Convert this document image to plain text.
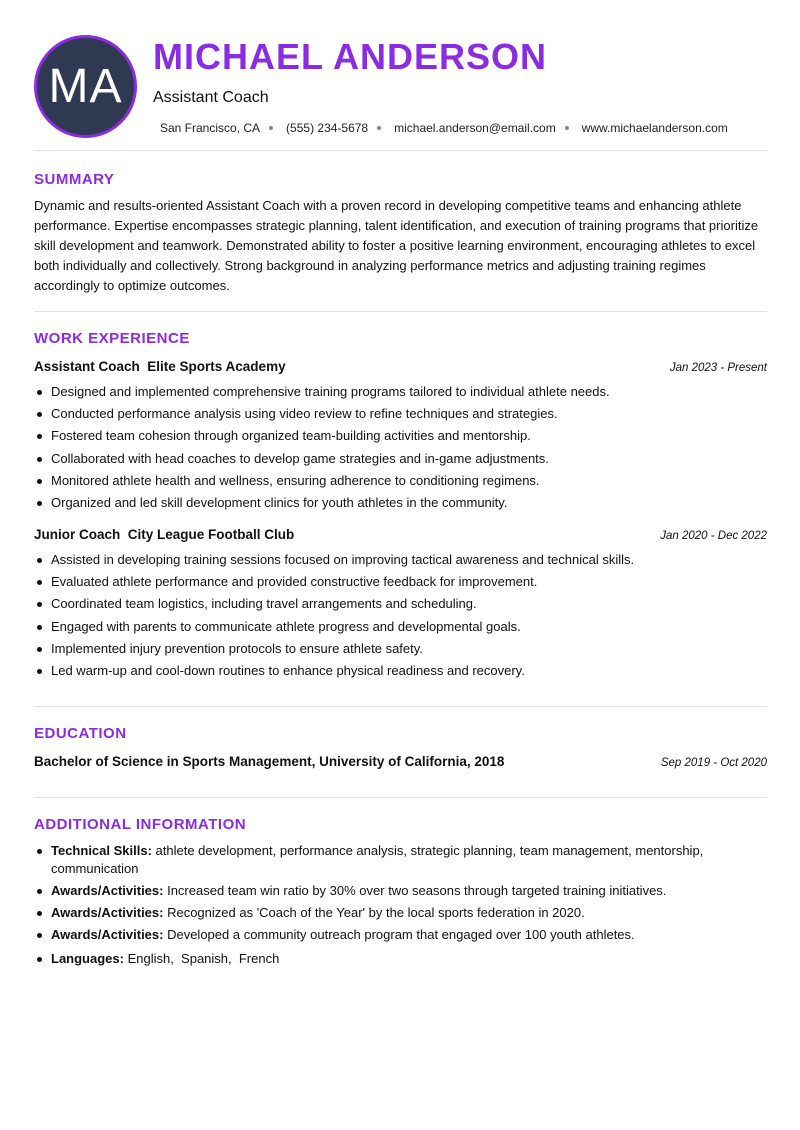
MA
MICHAEL ANDERSON
Assistant Coach
San Francisco, CA (555) 234-5678 michael.anderson@email.com www.michaelanderson.com
SUMMARY
Dynamic and results-oriented Assistant Coach with a proven record in developing competitive teams and enhancing athlete performance. Expertise encompasses strategic planning, talent identification, and execution of training programs that prioritize skill development and teamwork. Demonstrated ability to foster a positive learning environment, encouraging athletes to excel both individually and collectively. Strong background in analyzing performance metrics and adjusting training regimes accordingly to optimize outcomes.
WORK EXPERIENCE
Assistant Coach  Elite Sports Academy	Jan 2023 - Present
Designed and implemented comprehensive training programs tailored to individual athlete needs.
Conducted performance analysis using video review to refine techniques and strategies.
Fostered team cohesion through organized team-building activities and mentorship.
Collaborated with head coaches to develop game strategies and in-game adjustments.
Monitored athlete health and wellness, ensuring adherence to conditioning regimens.
Organized and led skill development clinics for youth athletes in the community.
Junior Coach  City League Football Club	Jan 2020 - Dec 2022
Assisted in developing training sessions focused on improving tactical awareness and technical skills.
Evaluated athlete performance and provided constructive feedback for improvement.
Coordinated team logistics, including travel arrangements and scheduling.
Engaged with parents to communicate athlete progress and developmental goals.
Implemented injury prevention protocols to ensure athlete safety.
Led warm-up and cool-down routines to enhance physical readiness and recovery.
EDUCATION
Bachelor of Science in Sports Management, University of California, 2018	Sep 2019 - Oct 2020
ADDITIONAL INFORMATION
Technical Skills: athlete development, performance analysis, strategic planning, team management, mentorship, communication
Awards/Activities: Increased team win ratio by 30% over two seasons through targeted training initiatives.
Awards/Activities: Recognized as 'Coach of the Year' by the local sports federation in 2020.
Awards/Activities: Developed a community outreach program that engaged over 100 youth athletes.
Languages: English,  Spanish,  French
